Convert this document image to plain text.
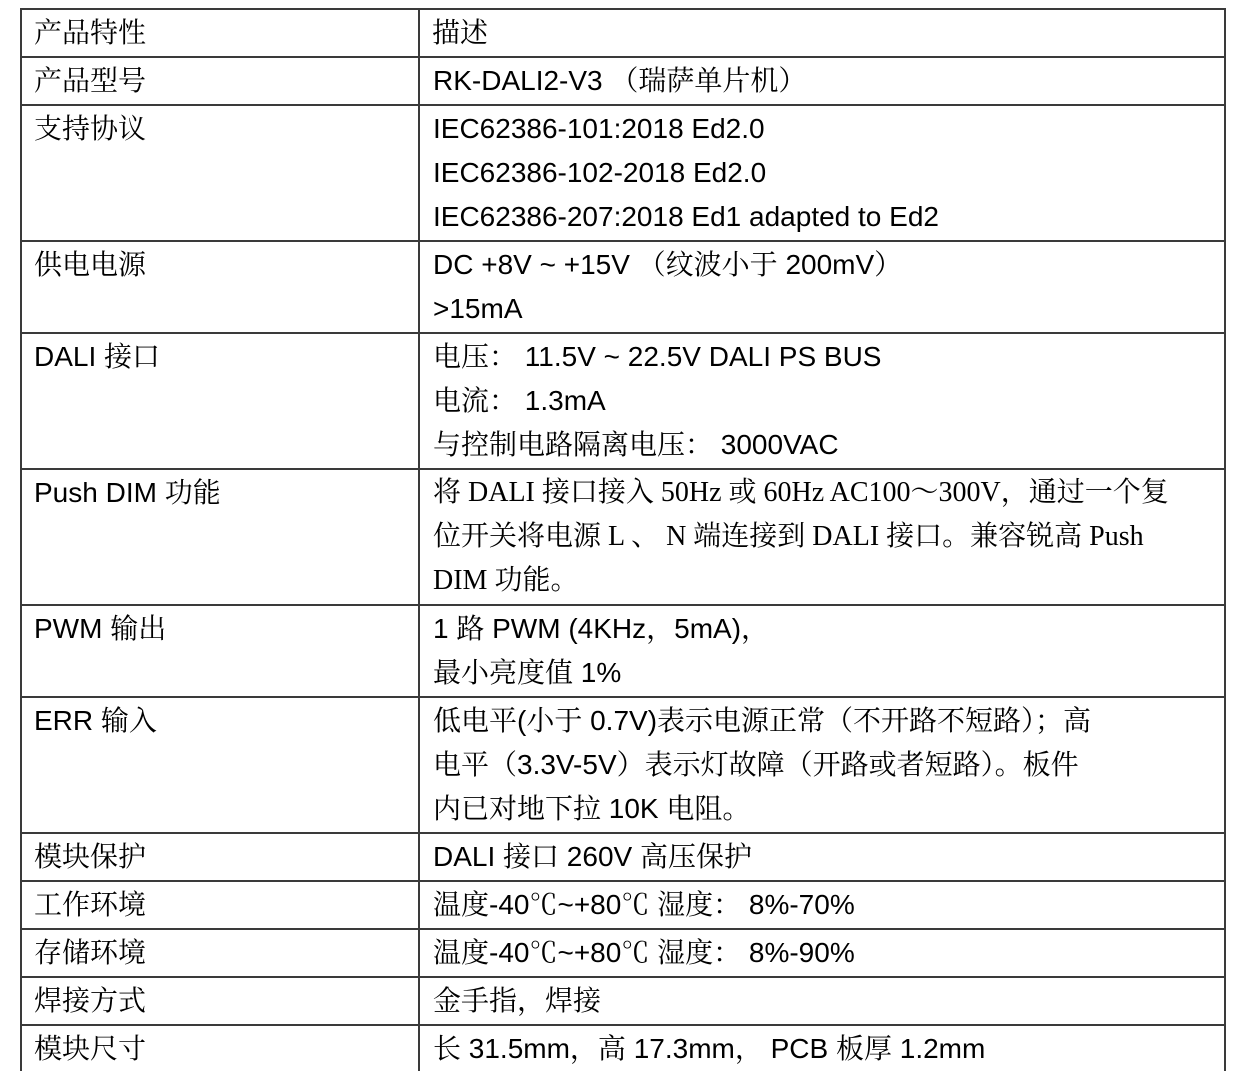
产品特性	描述
产品型号	RK-DALI2-V3 （瑞萨单片机）

支持协议	IEC62386-101:2018 Ed2.0
IEC62386-102-2018 Ed2.0
IEC62386-207:2018 Ed1 adapted to Ed2

供电电源	DC +8V ~ +15V （纹波小于 200mV）
>15mA

DALI 接口	电压： 11.5V ~ 22.5V DALI PS BUS
电流： 1.3mA
与控制电路隔离电压： 3000VAC

Push DIM 功能	将 DALI 接口接入 50Hz 或 60Hz AC100～300V，通过一个复
位开关将电源 L 、 N 端连接到 DALI 接口。兼容锐高 Push
DIM 功能。

PWM 输出	1 路 PWM (4KHz，5mA)，
最小亮度值 1%

ERR 输入	低电平(小于 0.7V)表示电源正常（不开路不短路）；高
电平（3.3V-5V）表示灯故障（开路或者短路）。板件
内已对地下拉 10K 电阻。

模块保护	DALI 接口 260V 高压保护

工作环境	温度-40℃~+80℃ 湿度： 8%-70%

存储环境	温度-40℃~+80℃ 湿度： 8%-90%

焊接方式	金手指，焊接

模块尺寸	长 31.5mm，高 17.3mm， PCB 板厚 1.2mm
